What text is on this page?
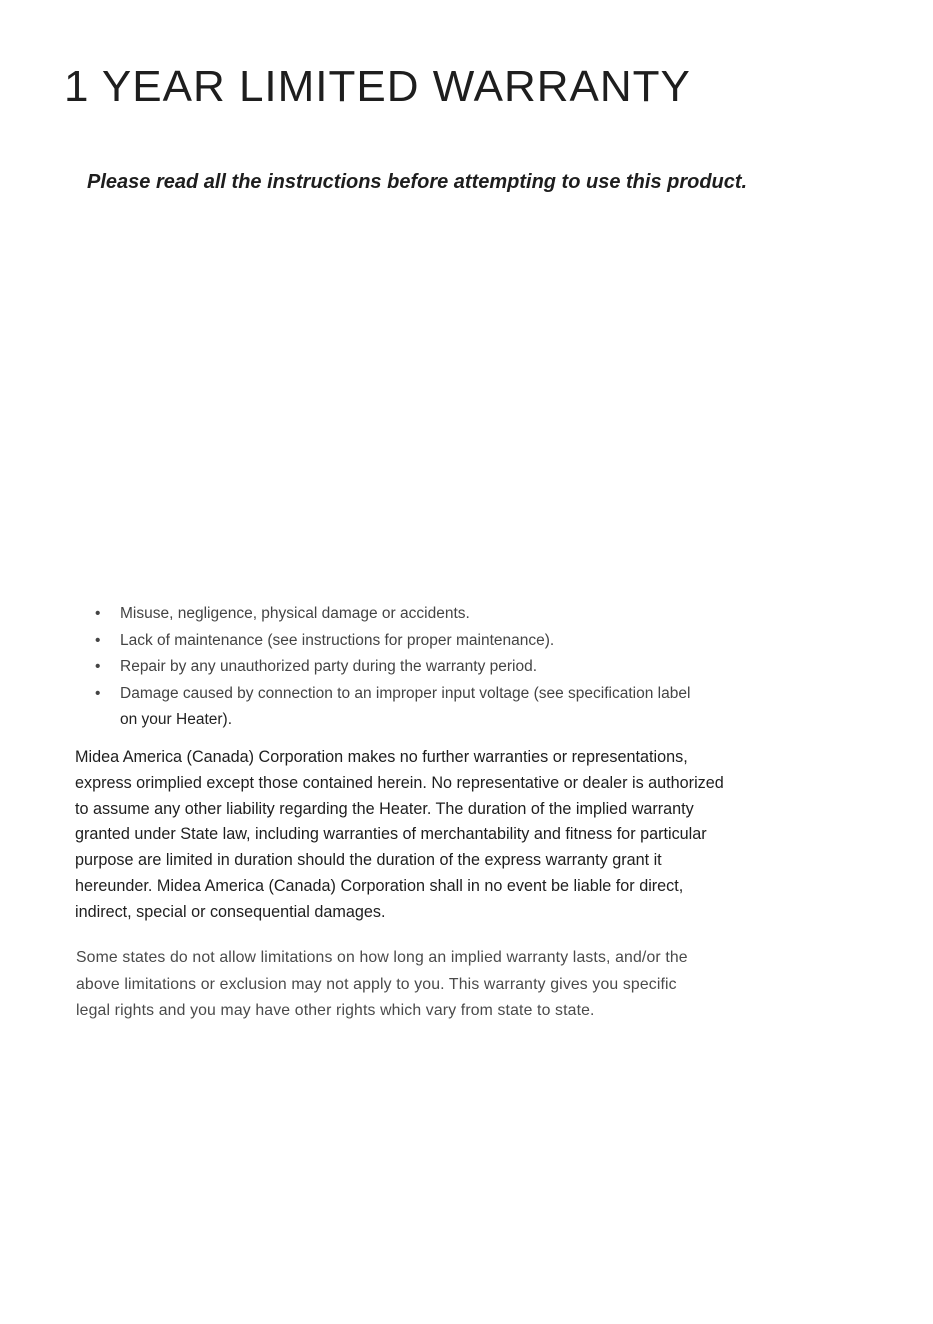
1 YEAR LIMITED WARRANTY

Please read all the instructions before attempting to use this product.

• Misuse, negligence, physical damage or accidents.
• Lack of maintenance (see instructions for proper maintenance).
• Repair by any unauthorized party during the warranty period.
• Damage caused by connection to an improper input voltage (see specification label
on your Heater).

Midea America (Canada) Corporation makes no further warranties or representations,
express orimplied except those contained herein. No representative or dealer is authorized
to assume any other liability regarding the Heater. The duration of the implied warranty
granted under State law, including warranties of merchantability and fitness for particular
purpose are limited in duration should the duration of the express warranty grant it
hereunder. Midea America (Canada) Corporation shall in no event be liable for direct,
indirect, special or consequential damages.

Some states do not allow limitations on how long an implied warranty lasts, and/or the
above limitations or exclusion may not apply to you. This warranty gives you specific
legal rights and you may have other rights which vary from state to state.
